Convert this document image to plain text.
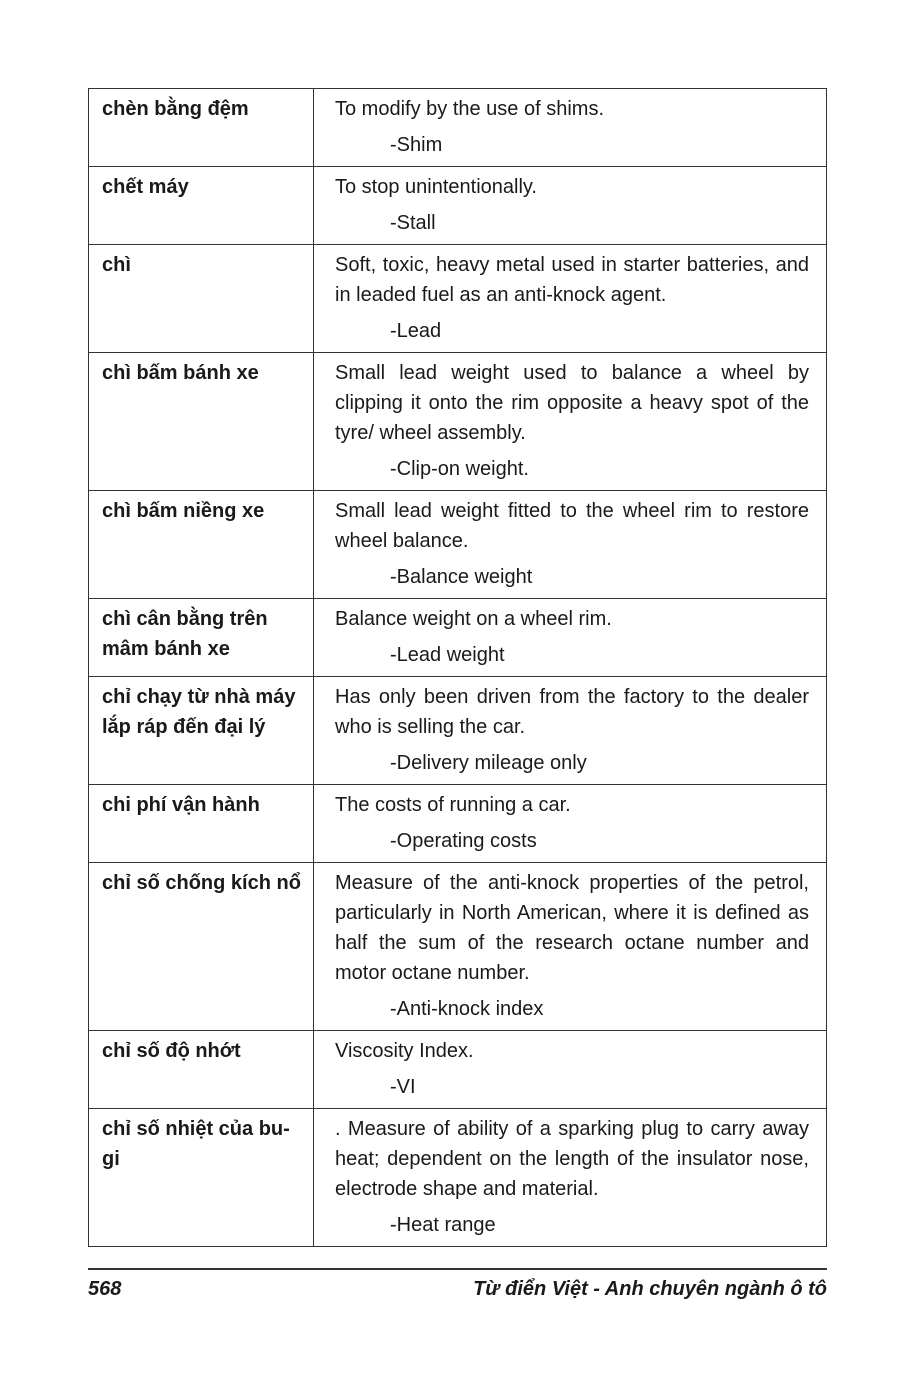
chèn bằng đệm	To modify by the use of shims.
-Shim

chết máy	To stop unintentionally.
-Stall

chì	Soft, toxic, heavy metal used in starter batteries, and in leaded fuel as an anti-knock agent.
-Lead

chì bấm bánh xe	Small lead weight used to balance a wheel by clipping it onto the rim opposite a heavy spot of the tyre/ wheel assembly.
-Clip-on weight.

chì bấm niềng xe	Small lead weight fitted to the wheel rim to restore wheel balance.
-Balance weight

chì cân bằng trên mâm bánh xe	Balance weight on a wheel rim.
-Lead weight

chỉ chạy từ nhà máy lắp ráp đến đại lý	Has only been driven from the factory to the dealer who is selling the car.
-Delivery mileage only

chi phí vận hành	The costs of running a car.
-Operating costs

chỉ số chống kích nổ	Measure of the anti-knock properties of the petrol, particularly in North American, where it is defined as half the sum of the research octane number and motor octane number.
-Anti-knock index

chỉ số độ nhớt	Viscosity Index.
-VI

chỉ số nhiệt của bu-gi	. Measure of ability of a sparking plug to carry away heat; dependent on the length of the insulator nose, electrode shape and material.
-Heat range
568	Từ điển Việt - Anh chuyên ngành ô tô
